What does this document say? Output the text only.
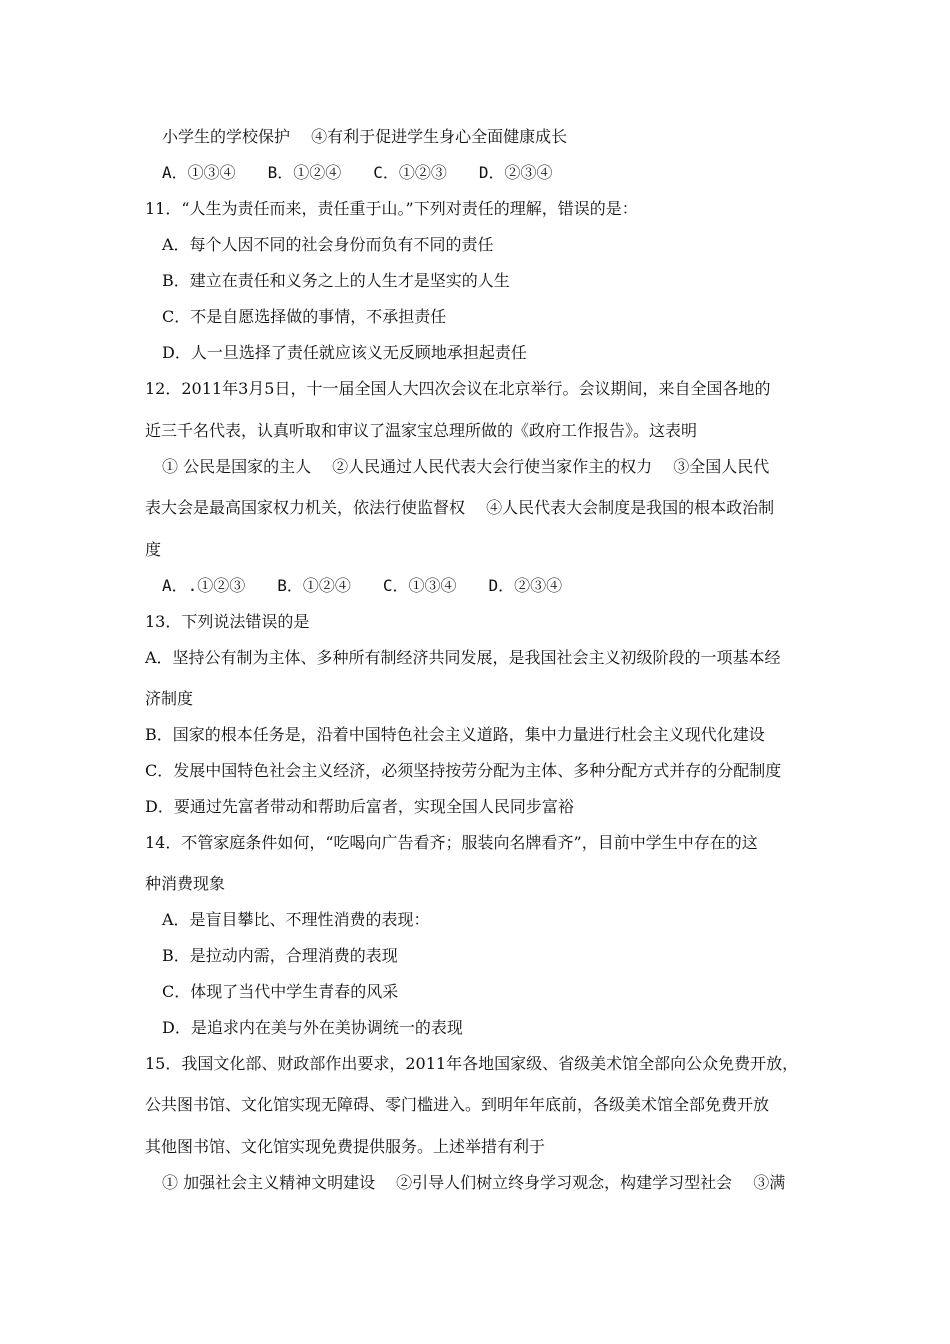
小学生的学校保护 　④有利于促进学生身心全面健康成长
A．①③④　　B．①②④　　C．①②③　　D．②③④
11．“人生为责任而来，责任重于山。”下列对责任的理解，错误的是：
A．每个人因不同的社会身份而负有不同的责任
B．建立在责任和义务之上的人生才是坚实的人生
C．不是自愿选择做的事情，不承担责任
D．人一旦选择了责任就应该义无反顾地承担起责任
12．2011年3月5日，十一届全国人大四次会议在北京举行。会议期间，来自全国各地的
近三千名代表，认真听取和审议了温家宝总理所做的《政府工作报告》。这表明
① 公民是国家的主人 　②人民通过人民代表大会行使当家作主的权力 　③全国人民代
表大会是最高国家权力机关，依法行使监督权 　④人民代表大会制度是我国的根本政治制
度
A．.①②③　　B．①②④　　C．①③④　　D．②③④
13．下列说法错误的是
A．坚持公有制为主体、多种所有制经济共同发展，是我国社会主义初级阶段的一项基本经
济制度
B．国家的根本任务是，沿着中国特色社会主义道路，集中力量进行杜会主义现代化建设
C．发展中国特色社会主义经济，必须坚持按劳分配为主体、多种分配方式并存的分配制度
D．要通过先富者带动和帮助后富者，实现全国人民同步富裕
14．不管家庭条件如何，“吃喝向广告看齐；服装向名牌看齐”，目前中学生中存在的这
种消费现象
A．是盲目攀比、不理性消费的表现：
B．是拉动内需，合理消费的表现
C．体现了当代中学生青春的风采
D．是追求内在美与外在美协调统一的表现
15．我国文化部、财政部作出要求，2011年各地国家级、省级美术馆全部向公众免费开放，
公共图书馆、文化馆实现无障碍、零门槛进入。到明年年底前，各级美术馆全部免费开放
其他图书馆、文化馆实现免费提供服务。上述举措有利于
① 加强社会主义精神文明建设 　②引导人们树立终身学习观念，构建学习型社会 　③满
